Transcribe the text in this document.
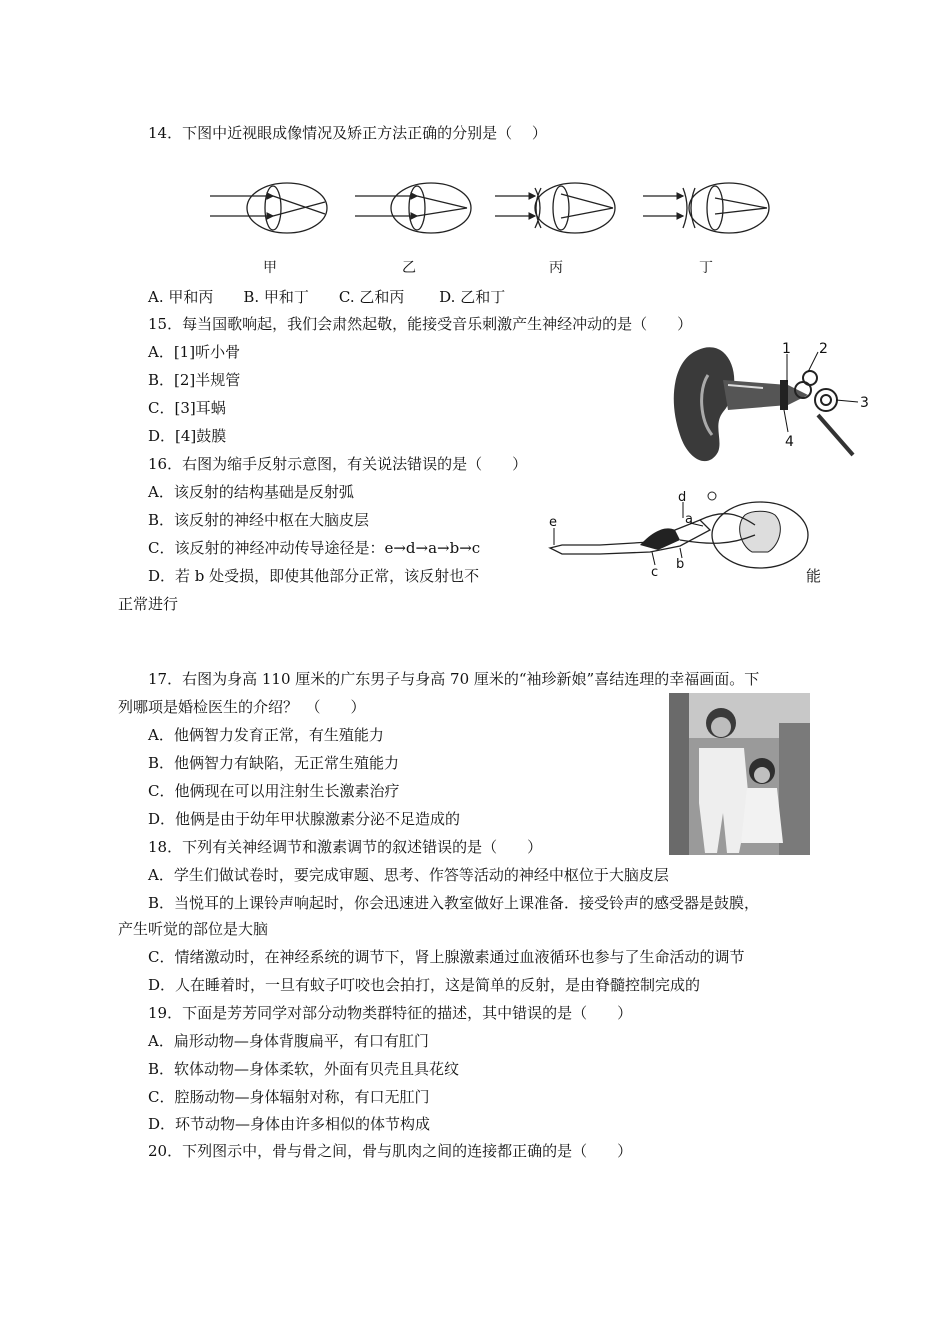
14．下图中近视眼成像情况及矫正方法正确的分别是（　 ）
甲	乙	丙	丁
A. 甲和丙　　B. 甲和丁　　C. 乙和丙　　 D. 乙和丁
15．每当国歌响起，我们会肃然起敬，能接受音乐刺激产生神经冲动的是（　　）
A．[1]听小骨
B．[2]半规管
C．[3]耳蜗
D．[4]鼓膜
1 2
3
4
16．右图为缩手反射示意图，有关说法错误的是（　　）
A．该反射的结构基础是反射弧
B．该反射的神经中枢在大脑皮层
C．该反射的神经冲动传导途径是：e→d→a→b→c
D．若 b 处受损，即使其他部分正常，该反射也不	能
正常进行
e
d
a
b
c
17．右图为身高 110 厘米的广东男子与身高 70 厘米的“袖珍新娘”喜结连理的幸福画面。下
列哪项是婚检医生的介绍？　（　　）
A．他俩智力发育正常，有生殖能力
B．他俩智力有缺陷，无正常生殖能力
C．他俩现在可以用注射生长激素治疗
D．他俩是由于幼年甲状腺激素分泌不足造成的
18．下列有关神经调节和激素调节的叙述错误的是（　　）
A．学生们做试卷时，要完成审题、思考、作答等活动的神经中枢位于大脑皮层
B．当悦耳的上课铃声响起时，你会迅速进入教室做好上课准备．接受铃声的感受器是鼓膜，
产生听觉的部位是大脑
C．情绪激动时，在神经系统的调节下，肾上腺激素通过血液循环也参与了生命活动的调节
D．人在睡着时，一旦有蚊子叮咬也会拍打，这是简单的反射，是由脊髓控制完成的
19．下面是芳芳同学对部分动物类群特征的描述，其中错误的是（　　）
A．扁形动物—身体背腹扁平，有口有肛门
B．软体动物—身体柔软，外面有贝壳且具花纹
C．腔肠动物—身体辐射对称，有口无肛门
D．环节动物—身体由许多相似的体节构成
20．下列图示中，骨与骨之间，骨与肌肉之间的连接都正确的是（　　）
